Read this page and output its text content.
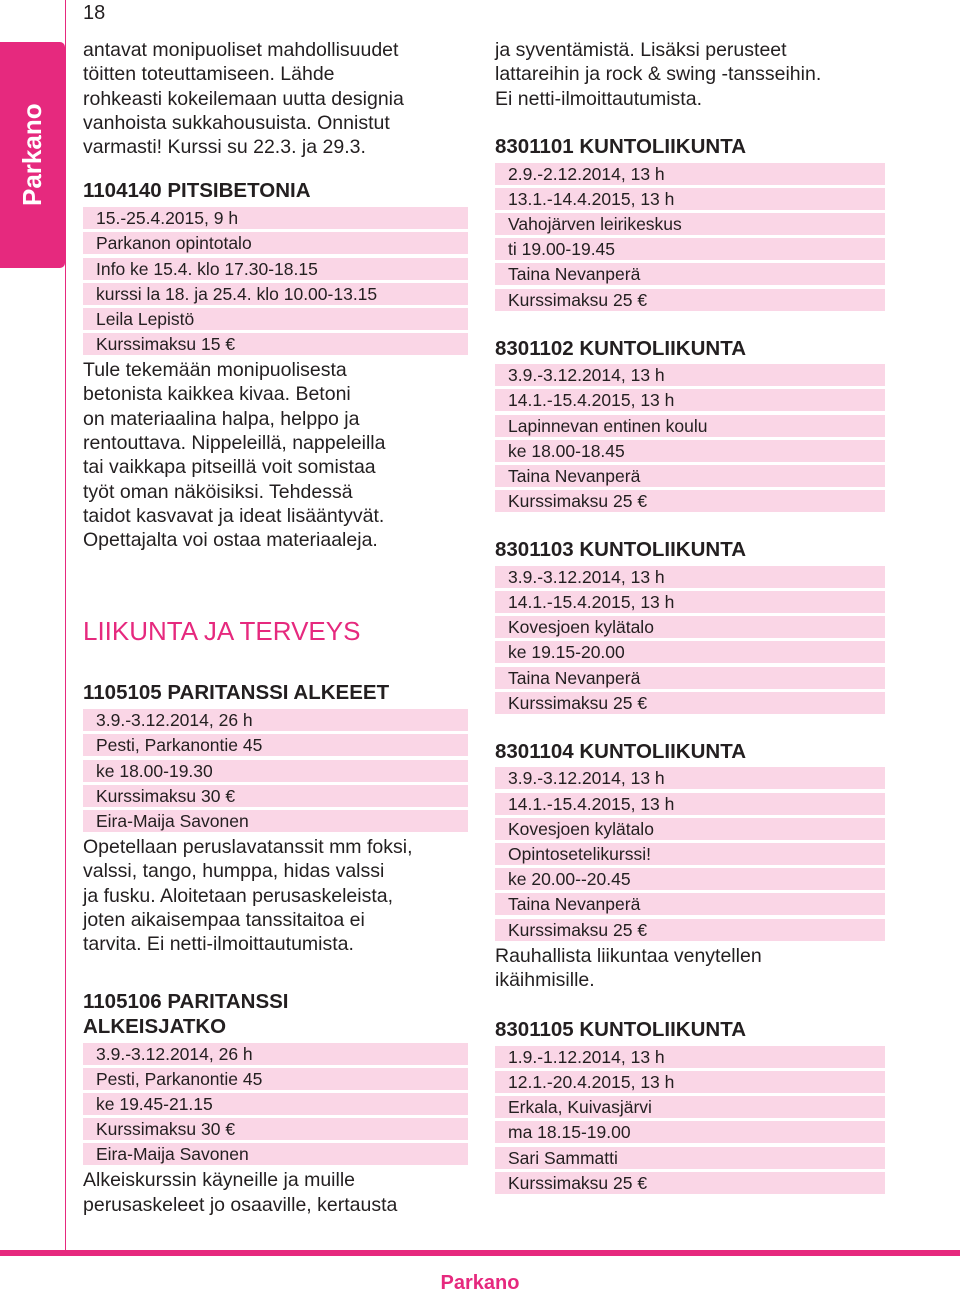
18
Parkano
antavat monipuoliset mahdollisuudet
töitten toteuttamiseen. Lähde
rohkeasti kokeilemaan uutta designia
vanhoista sukkahousuista. Onnistut
varmasti! Kurssi su 22.3. ja 29.3.
1104140 PITSIBETONIA
15.-25.4.2015, 9 h
Parkanon opintotalo
Info ke 15.4. klo 17.30-18.15
kurssi la 18. ja 25.4. klo 10.00-13.15
Leila Lepistö
Kurssimaksu 15 €
Tule tekemään monipuolisesta
betonista kaikkea kivaa. Betoni
on materiaalina halpa, helppo ja
rentouttava. Nippeleillä, nappeleilla
tai vaikkapa pitseillä voit somistaa
työt oman näköisiksi. Tehdessä
taidot kasvavat ja ideat lisääntyvät.
Opettajalta voi ostaa materiaaleja.
LIIKUNTA JA TERVEYS
1105105 PARITANSSI ALKEEET
3.9.-3.12.2014, 26 h
Pesti, Parkanontie 45
ke 18.00-19.30
Kurssimaksu 30 €
Eira-Maija Savonen
Opetellaan peruslavatanssit mm foksi,
valssi, tango, humppa, hidas valssi
ja fusku. Aloitetaan perusaskeleista,
joten aikaisempaa tanssitaitoa ei
tarvita. Ei netti-ilmoittautumista.
1105106 PARITANSSI
ALKEISJATKO
3.9.-3.12.2014, 26 h
Pesti, Parkanontie 45
ke 19.45-21.15
Kurssimaksu 30 €
Eira-Maija Savonen
Alkeiskurssin käyneille ja muille
perusaskeleet jo osaaville, kertausta
ja syventämistä. Lisäksi perusteet
lattareihin ja rock & swing -tansseihin.
Ei netti-ilmoittautumista.
8301101 KUNTOLIIKUNTA
2.9.-2.12.2014, 13 h
13.1.-14.4.2015, 13 h
Vahojärven leirikeskus
ti 19.00-19.45
Taina Nevanperä
Kurssimaksu 25 €
8301102 KUNTOLIIKUNTA
3.9.-3.12.2014, 13 h
14.1.-15.4.2015, 13 h
Lapinnevan entinen koulu
ke 18.00-18.45
Taina Nevanperä
Kurssimaksu 25 €
8301103 KUNTOLIIKUNTA
3.9.-3.12.2014, 13 h
14.1.-15.4.2015, 13 h
Kovesjoen kylätalo
ke 19.15-20.00
Taina Nevanperä
Kurssimaksu 25 €
8301104 KUNTOLIIKUNTA
3.9.-3.12.2014, 13 h
14.1.-15.4.2015, 13 h
Kovesjoen kylätalo
Opintosetelikurssi!
ke 20.00--20.45
Taina Nevanperä
Kurssimaksu 25 €
Rauhallista liikuntaa venytellen
ikäihmisille.
8301105 KUNTOLIIKUNTA
1.9.-1.12.2014, 13 h
12.1.-20.4.2015, 13 h
Erkala, Kuivasjärvi
ma 18.15-19.00
Sari Sammatti
Kurssimaksu 25 €
Parkano
